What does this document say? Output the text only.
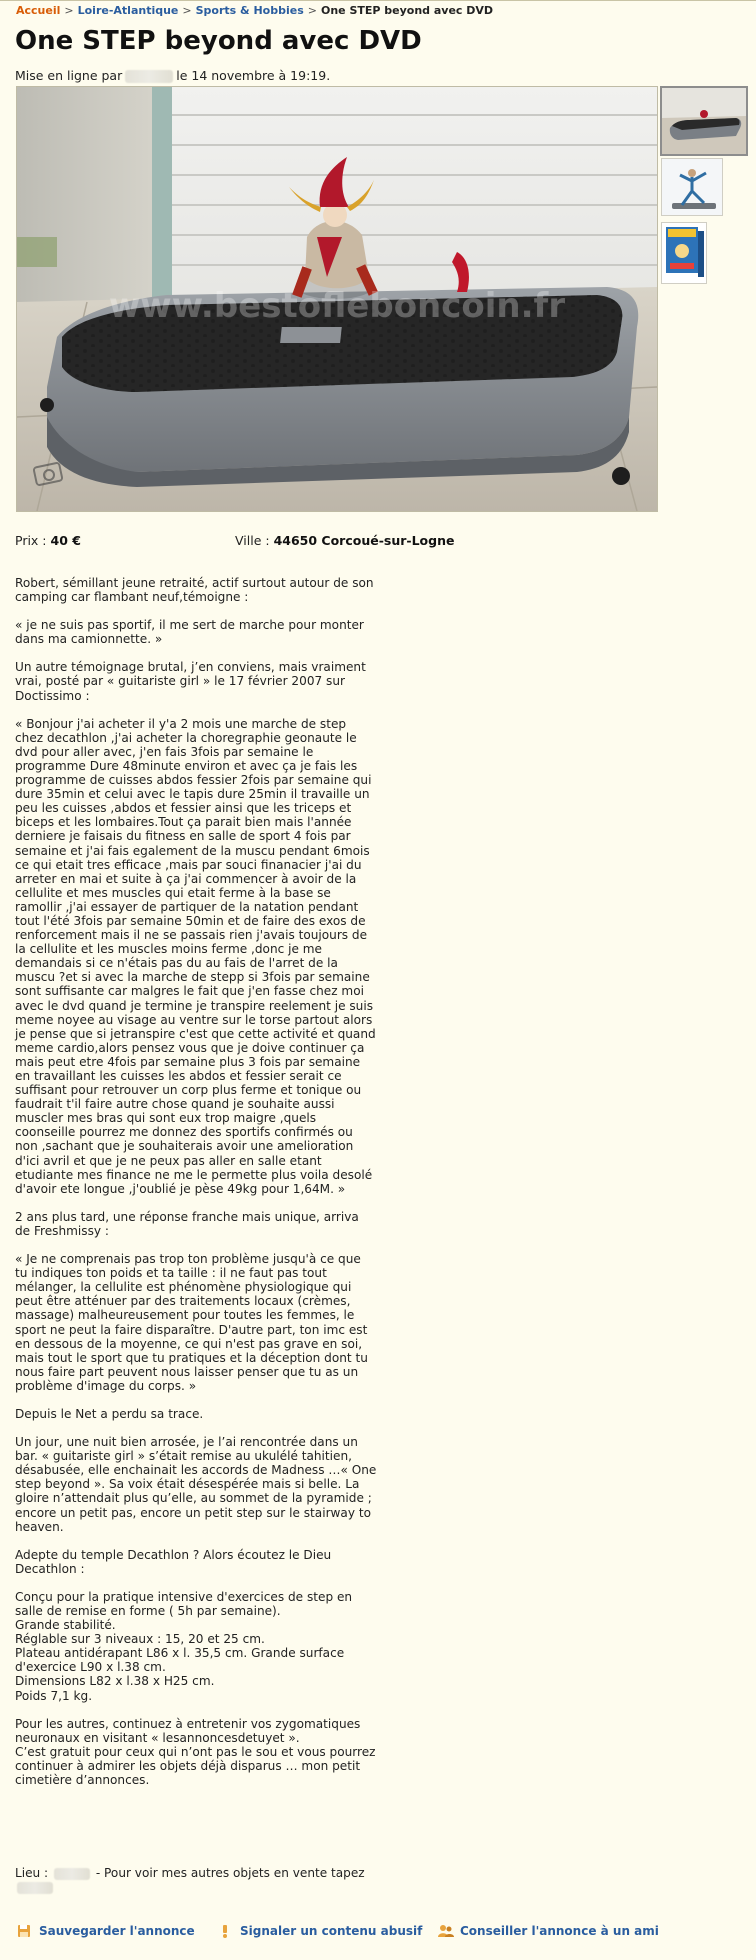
Accueil > Loire-Atlantique > Sports & Hobbies > One STEP beyond avec DVD
One STEP beyond avec DVD
Mise en ligne par	le 14 novembre à 19:19.
www.bestofleboncoin.fr
Prix : 40 €	Ville : 44650 Corcoué-sur-Logne

Robert, sémillant jeune retraité, actif surtout autour de son camping car flambant neuf,témoigne :

« je ne suis pas sportif, il me sert de marche pour monter dans ma camionnette. »

Un autre témoignage brutal, j’en conviens, mais vraiment vrai, posté par « guitariste girl » le 17 février 2007 sur Doctissimo :

« Bonjour j'ai acheter il y'a 2 mois une marche de step chez decathlon ,j'ai acheter la choregraphie geonaute le dvd pour aller avec, j'en fais 3fois par semaine le programme Dure 48minute environ et avec ça je fais les programme de cuisses abdos fessier 2fois par semaine qui dure 35min et celui avec le tapis dure 25min il travaille un peu les cuisses ,abdos et fessier ainsi que les triceps et biceps et les lombaires.Tout ça parait bien mais l'année derniere je faisais du fitness en salle de sport 4 fois par semaine et j'ai fais egalement de la muscu pendant 6mois ce qui etait tres efficace ,mais par souci finanacier j'ai du arreter en mai et suite à ça j'ai commencer à avoir de la cellulite et mes muscles qui etait ferme à la base se ramollir ,j'ai essayer de partiquer de la natation pendant tout l'été 3fois par semaine 50min et de faire des exos de renforcement mais il ne se passais rien j'avais toujours de la cellulite et les muscles moins ferme ,donc je me demandais si ce n'étais pas du au fais de l'arret de la muscu ?et si avec la marche de stepp si 3fois par semaine sont suffisante car malgres le fait que j'en fasse chez moi avec le dvd quand je termine je transpire reelement je suis meme noyee au visage au ventre sur le torse partout alors je pense que si jetranspire c'est que cette activité et quand meme cardio,alors pensez vous que je doive continuer ça mais peut etre 4fois par semaine plus 3 fois par semaine en travaillant les cuisses les abdos et fessier serait ce suffisant pour retrouver un corp plus ferme et tonique ou faudrait t'il faire autre chose quand je souhaite aussi muscler mes bras qui sont eux trop maigre ,quels coonseille pourrez me donnez des sportifs confirmés ou non ,sachant que je souhaiterais avoir une amelioration d'ici avril et que je ne peux pas aller en salle etant etudiante mes finance ne me le permette plus voila desolé d'avoir ete longue ,j'oublié je pèse 49kg pour 1,64M. »

2 ans plus tard, une réponse franche mais unique, arriva de Freshmissy :

« Je ne comprenais pas trop ton problème jusqu'à ce que tu indiques ton poids et ta taille : il ne faut pas tout mélanger, la cellulite est phénomène physiologique qui peut être atténuer par des traitements locaux (crèmes, massage) malheureusement pour toutes les femmes, le sport ne peut la faire disparaître. D'autre part, ton imc est en dessous de la moyenne, ce qui n'est pas grave en soi, mais tout le sport que tu pratiques et la déception dont tu nous faire part peuvent nous laisser penser que tu as un problème d'image du corps. »

Depuis le Net a perdu sa trace.

Un jour, une nuit bien arrosée, je l’ai rencontrée dans un bar. « guitariste girl » s’était remise au ukulélé tahitien, désabusée, elle enchainait les accords de Madness …« One step beyond ». Sa voix était désespérée mais si belle. La gloire n’attendait plus qu’elle, au sommet de la pyramide ; encore un petit pas, encore un petit step sur le stairway to heaven.

Adepte du temple Decathlon ? Alors écoutez le Dieu Decathlon :

Conçu pour la pratique intensive d'exercices de step en salle de remise en forme ( 5h par semaine).
Grande stabilité.
Réglable sur 3 niveaux : 15, 20 et 25 cm.
Plateau antidérapant L86 x l. 35,5 cm. Grande surface d'exercice L90 x l.38 cm.
Dimensions L82 x l.38 x H25 cm.
Poids 7,1 kg.

Pour les autres, continuez à entretenir vos zygomatiques neuronaux en visitant « lesannoncesdetuyet ».
C’est gratuit pour ceux qui n’ont pas le sou et vous pourrez continuer à admirer les objets déjà disparus … mon petit cimetière d’annonces.

Lieu :	- Pour voir mes autres objets en vente tapez
Sauvegarder l'annonce	Signaler un contenu abusif	Conseiller l'annonce à un ami
